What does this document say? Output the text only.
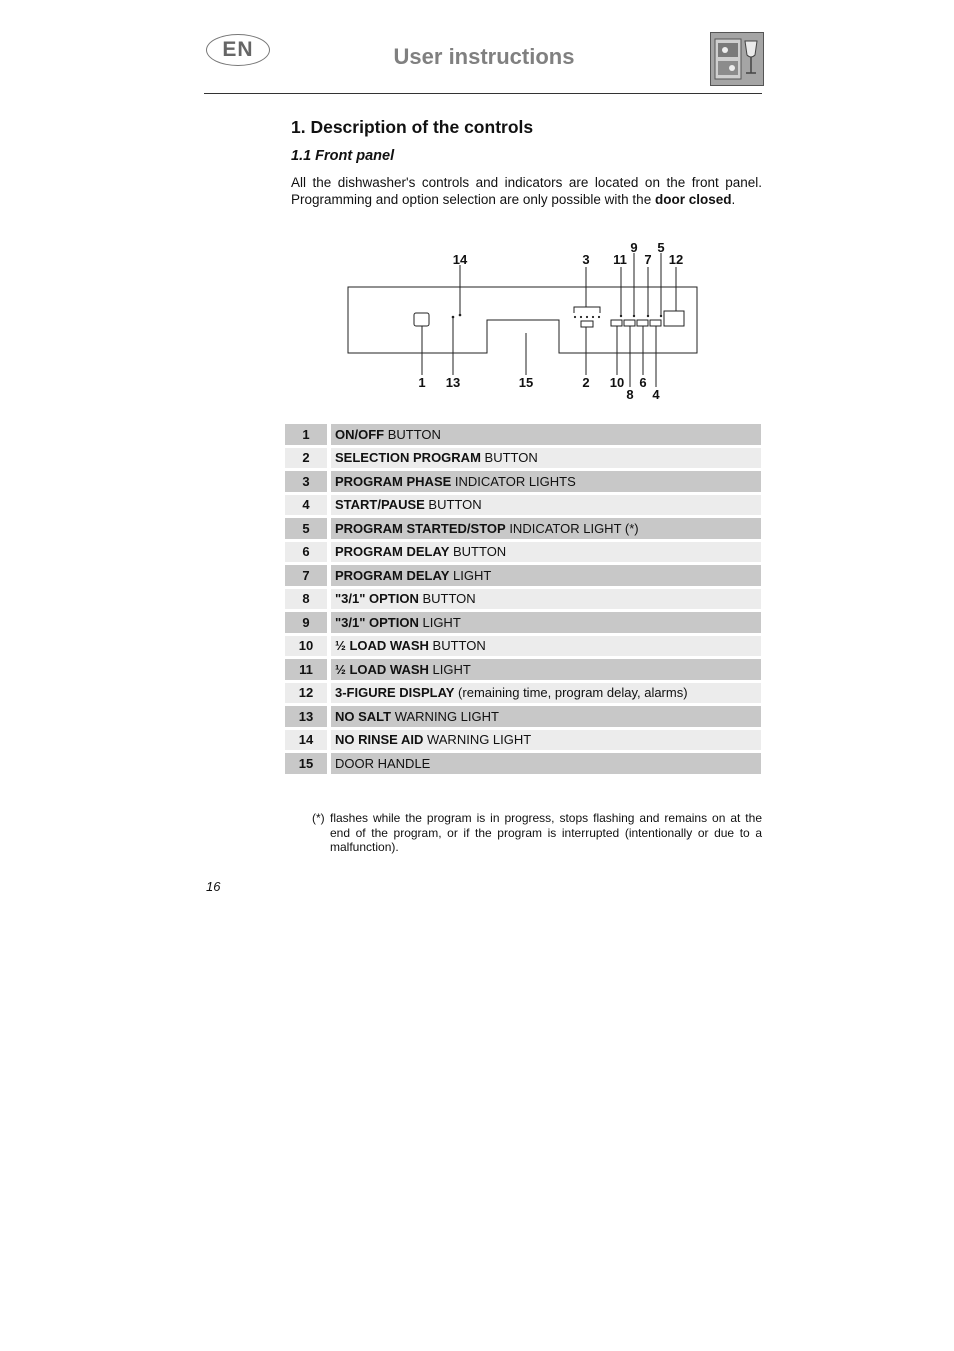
EN	User instructions
1. Description of the controls
1.1 Front panel

All the dishwasher's controls and indicators are located on the front panel. Programming and option selection are only possible with the door closed.

14	3 11
9
7
5
12
1 13	15	2 10 6
8 4
1		ON/OFF BUTTON
2		SELECTION PROGRAM BUTTON
3		PROGRAM PHASE INDICATOR LIGHTS
4		START/PAUSE BUTTON
5		PROGRAM STARTED/STOP INDICATOR LIGHT (*)
6		PROGRAM DELAY BUTTON
7		PROGRAM DELAY LIGHT
8		"3/1" OPTION BUTTON
9		"3/1" OPTION LIGHT
10		½ LOAD WASH BUTTON
11		½ LOAD WASH LIGHT
12		3-FIGURE DISPLAY (remaining time, program delay, alarms)
13		NO SALT WARNING LIGHT
14		NO RINSE AID WARNING LIGHT
15		DOOR HANDLE
(*) flashes while the program is in progress, stops flashing and remains on at the end of the program, or if the program is interrupted (intentionally or due to a malfunction).
16
